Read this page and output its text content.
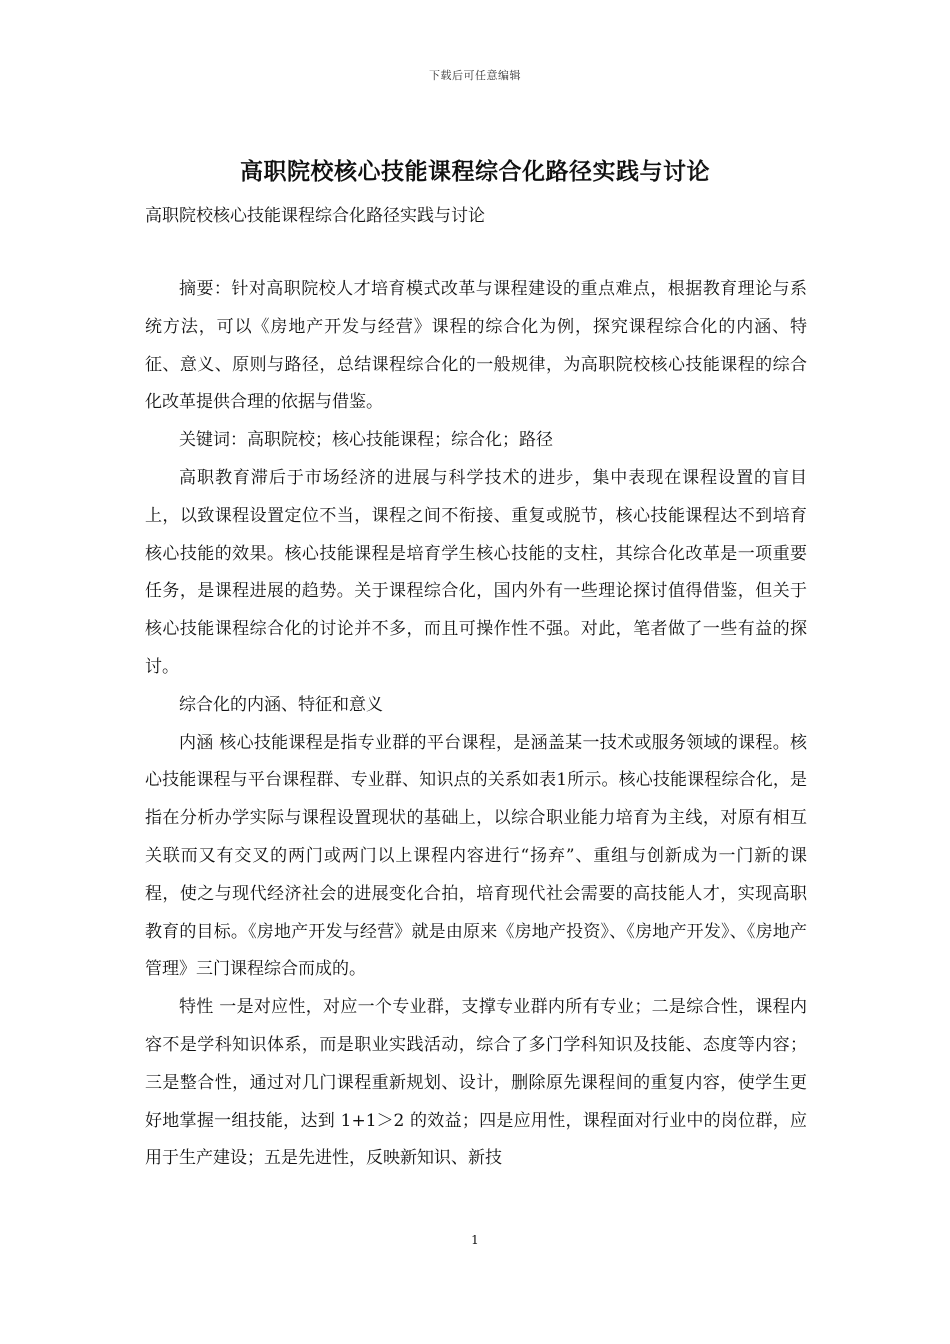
下载后可任意编辑
高职院校核心技能课程综合化路径实践与讨论
高职院校核心技能课程综合化路径实践与讨论

摘要：针对高职院校人才培育模式改革与课程建设的重点难点，根据教育理论与系统方法，可以《房地产开发与经营》课程的综合化为例，探究课程综合化的内涵、特征、意义、原则与路径，总结课程综合化的一般规律，为高职院校核心技能课程的综合化改革提供合理的依据与借鉴。

关键词：高职院校；核心技能课程；综合化；路径

高职教育滞后于市场经济的进展与科学技术的进步，集中表现在课程设置的盲目上，以致课程设置定位不当，课程之间不衔接、重复或脱节，核心技能课程达不到培育核心技能的效果。核心技能课程是培育学生核心技能的支柱，其综合化改革是一项重要任务，是课程进展的趋势。关于课程综合化，国内外有一些理论探讨值得借鉴，但关于核心技能课程综合化的讨论并不多，而且可操作性不强。对此，笔者做了一些有益的探讨。

综合化的内涵、特征和意义

内涵 核心技能课程是指专业群的平台课程，是涵盖某一技术或服务领域的课程。核心技能课程与平台课程群、专业群、知识点的关系如表1所示。核心技能课程综合化，是指在分析办学实际与课程设置现状的基础上，以综合职业能力培育为主线，对原有相互关联而又有交叉的两门或两门以上课程内容进行“扬弃”、重组与创新成为一门新的课程，使之与现代经济社会的进展变化合拍，培育现代社会需要的高技能人才，实现高职教育的目标。《房地产开发与经营》就是由原来《房地产投资》、《房地产开发》、《房地产管理》三门课程综合而成的。

特性 一是对应性，对应一个专业群，支撑专业群内所有专业；二是综合性，课程内容不是学科知识体系，而是职业实践活动，综合了多门学科知识及技能、态度等内容；三是整合性，通过对几门课程重新规划、设计，删除原先课程间的重复内容，使学生更好地掌握一组技能，达到 1+1＞2 的效益；四是应用性，课程面对行业中的岗位群，应用于生产建设；五是先进性，反映新知识、新技

1
